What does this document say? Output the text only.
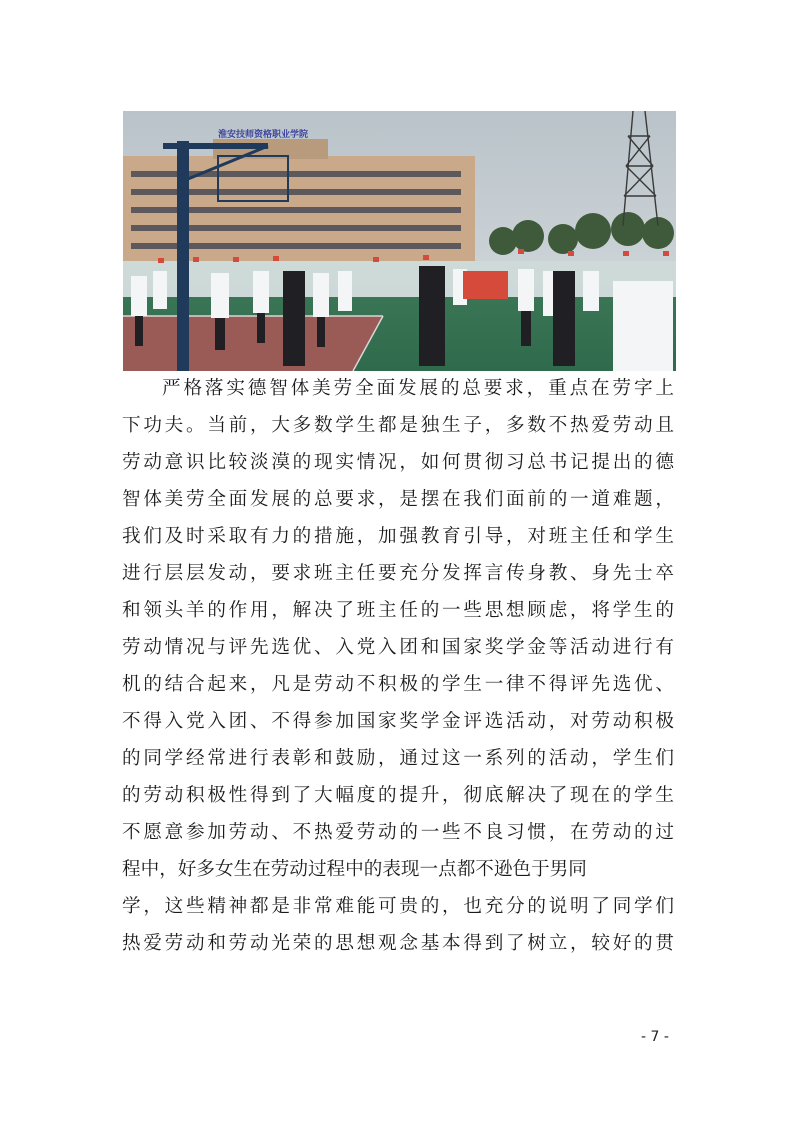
淮安技师资格职业学院
严格落实德智体美劳全面发展的总要求，重点在劳字上
下功夫。当前，大多数学生都是独生子，多数不热爱劳动且
劳动意识比较淡漠的现实情况，如何贯彻习总书记提出的德
智体美劳全面发展的总要求，是摆在我们面前的一道难题，
我们及时采取有力的措施，加强教育引导，对班主任和学生
进行层层发动，要求班主任要充分发挥言传身教、身先士卒
和领头羊的作用，解决了班主任的一些思想顾虑，将学生的
劳动情况与评先选优、入党入团和国家奖学金等活动进行有
机的结合起来，凡是劳动不积极的学生一律不得评先选优、
不得入党入团、不得参加国家奖学金评选活动，对劳动积极
的同学经常进行表彰和鼓励，通过这一系列的活动，学生们
的劳动积极性得到了大幅度的提升，彻底解决了现在的学生
不愿意参加劳动、不热爱劳动的一些不良习惯，在劳动的过
程中，好多女生在劳动过程中的表现一点都不逊色于男同
学，这些精神都是非常难能可贵的，也充分的说明了同学们
热爱劳动和劳动光荣的思想观念基本得到了树立，较好的贯
- 7 -
